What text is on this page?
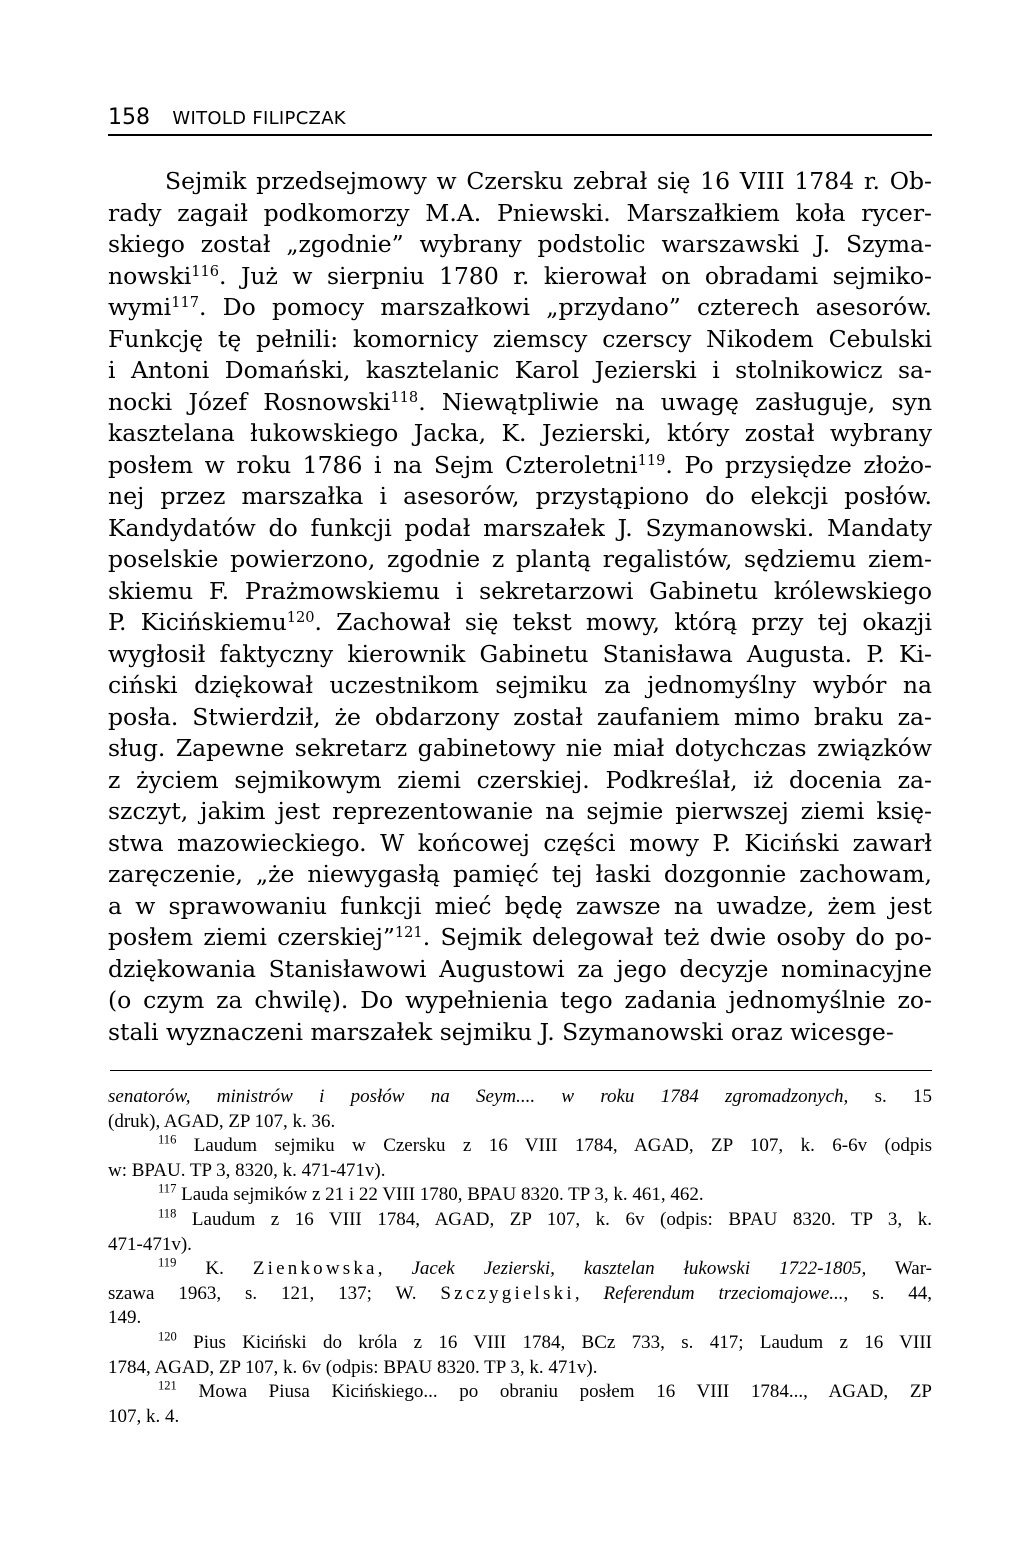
158 WITOLD FILIPCZAK
Sejmik przedsejmowy w Czersku zebrał się 16 VIII 1784 r. Ob-
rady zagaił podkomorzy M.A. Pniewski. Marszałkiem koła rycer-
skiego został „zgodnie” wybrany podstolic warszawski J. Szyma-
nowski$^{116}$. Już w sierpniu 1780 r. kierował on obradami sejmiko-
wymi$^{117}$. Do pomocy marszałkowi „przydano” czterech asesorów.
Funkcję tę pełnili: komornicy ziemscy czerscy Nikodem Cebulski
i Antoni Domański, kasztelanic Karol Jezierski i stolnikowicz sa-
nocki Józef Rosnowski$^{118}$. Niewątpliwie na uwagę zasługuje, syn
kasztelana łukowskiego Jacka, K. Jezierski, który został wybrany
posłem w roku 1786 i na Sejm Czteroletni$^{119}$. Po przysiędze złożo-
nej przez marszałka i asesorów, przystąpiono do elekcji posłów.
Kandydatów do funkcji podał marszałek J. Szymanowski. Mandaty
poselskie powierzono, zgodnie z plantą regalistów, sędziemu ziem-
skiemu F. Prażmowskiemu i sekretarzowi Gabinetu królewskiego
P. Kicińskiemu$^{120}$. Zachował się tekst mowy, którą przy tej okazji
wygłosił faktyczny kierownik Gabinetu Stanisława Augusta. P. Ki-
ciński dziękował uczestnikom sejmiku za jednomyślny wybór na
posła. Stwierdził, że obdarzony został zaufaniem mimo braku za-
sług. Zapewne sekretarz gabinetowy nie miał dotychczas związków
z życiem sejmikowym ziemi czerskiej. Podkreślał, iż docenia za-
szczyt, jakim jest reprezentowanie na sejmie pierwszej ziemi księ-
stwa mazowieckiego. W końcowej części mowy P. Kiciński zawarł
zaręczenie, „że niewygasłą pamięć tej łaski dozgonnie zachowam,
a w sprawowaniu funkcji mieć będę zawsze na uwadze, żem jest
posłem ziemi czerskiej”$^{121}$. Sejmik delegował też dwie osoby do po-
dziękowania Stanisławowi Augustowi za jego decyzje nominacyjne
(o czym za chwilę). Do wypełnienia tego zadania jednomyślnie zo-
stali wyznaczeni marszałek sejmiku J. Szymanowski oraz wicesge-
senatorów, ministrów i posłów na Seym.... w roku 1784 zgromadzonych, s. 15
(druk), AGAD, ZP 107, k. 36.
$^{116}$ Laudum sejmiku w Czersku z 16 VIII 1784, AGAD, ZP 107, k. 6-6v (odpis
w: BPAU. TP 3, 8320, k. 471-471v).
$^{117}$ Lauda sejmików z 21 i 22 VIII 1780, BPAU 8320. TP 3, k. 461, 462.
$^{118}$ Laudum z 16 VIII 1784, AGAD, ZP 107, k. 6v (odpis: BPAU 8320. TP 3, k.
471-471v).
$^{119}$ K. Zienkowska, Jacek Jezierski, kasztelan łukowski 1722-1805, War-
szawa 1963, s. 121, 137; W. Szczygielski, Referendum trzeciomajowe..., s. 44,
149.
$^{120}$ Pius Kiciński do króla z 16 VIII 1784, BCz 733, s. 417; Laudum z 16 VIII
1784, AGAD, ZP 107, k. 6v (odpis: BPAU 8320. TP 3, k. 471v).
$^{121}$ Mowa Piusa Kicińskiego... po obraniu posłem 16 VIII 1784..., AGAD, ZP
107, k. 4.
